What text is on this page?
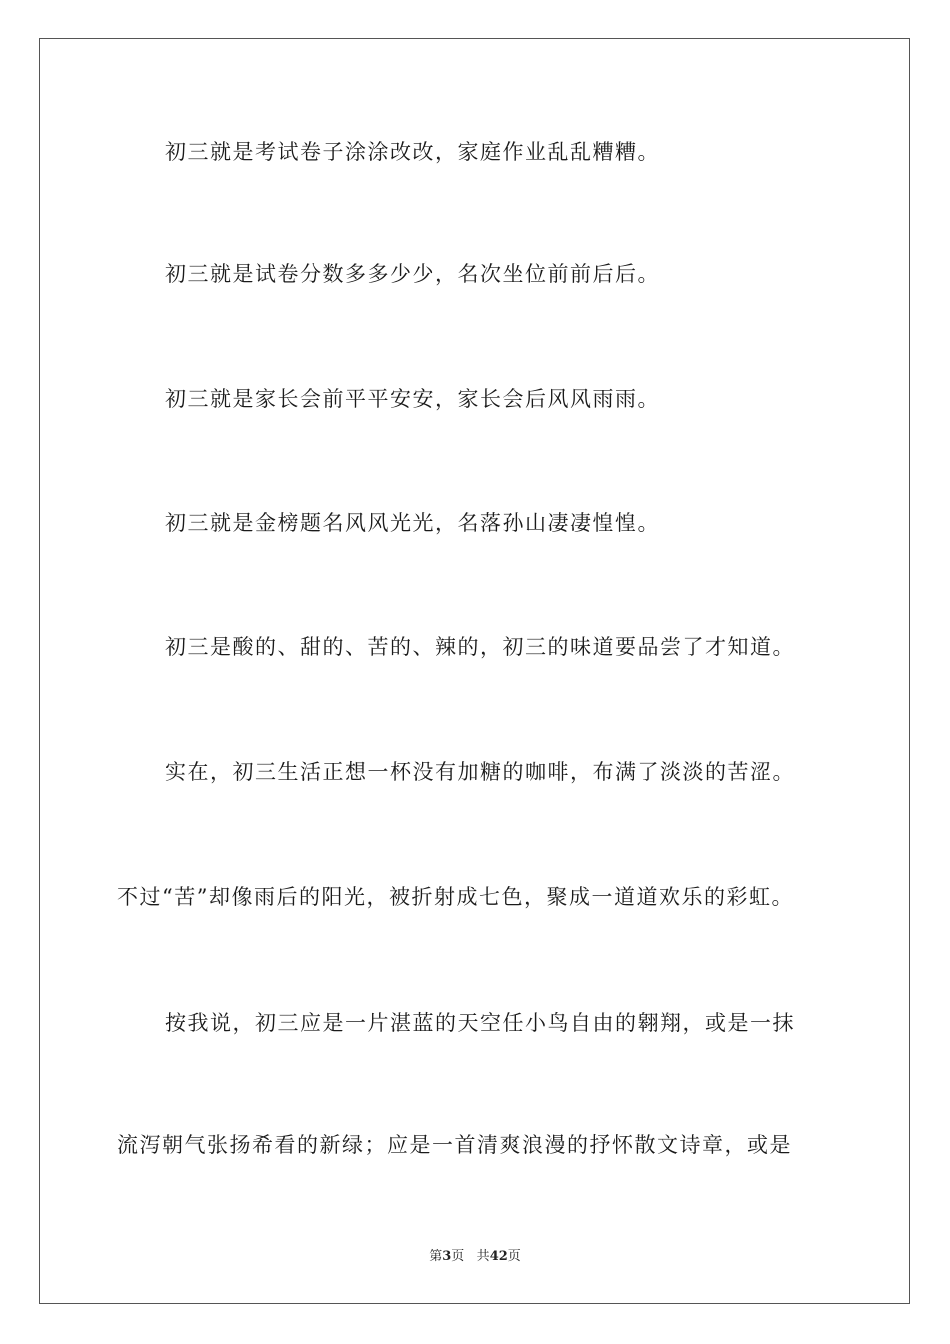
初三就是考试卷子涂涂改改，家庭作业乱乱糟糟。
初三就是试卷分数多多少少，名次坐位前前后后。
初三就是家长会前平平安安，家长会后风风雨雨。
初三就是金榜题名风风光光，名落孙山凄凄惶惶。
初三是酸的、甜的、苦的、辣的，初三的味道要品尝了才知道。
实在，初三生活正想一杯没有加糖的咖啡，布满了淡淡的苦涩。
不过“苦”却像雨后的阳光，被折射成七色，聚成一道道欢乐的彩虹。
按我说，初三应是一片湛蓝的天空任小鸟自由的翱翔，或是一抹
流泻朝气张扬希看的新绿；应是一首清爽浪漫的抒怀散文诗章，或是
第3页 共42页
